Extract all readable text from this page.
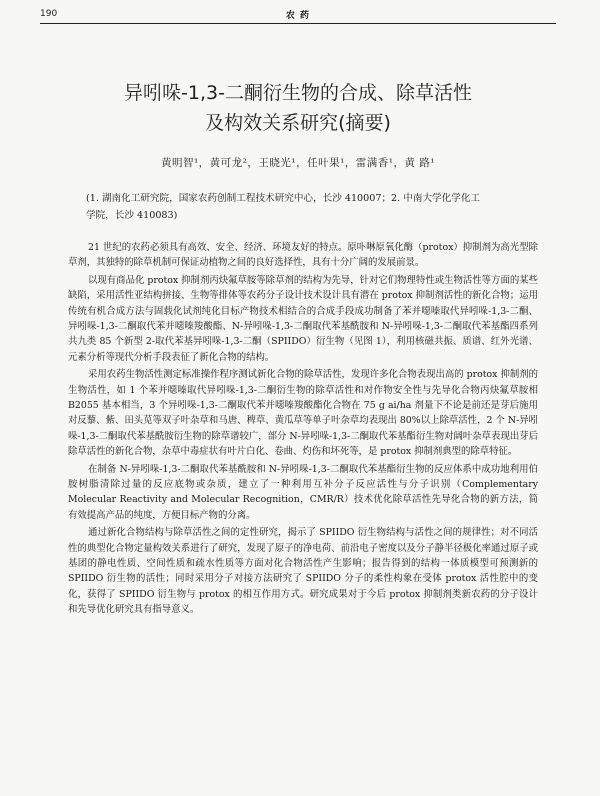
190	农 药
异吲哚-1,3-二酮衍生物的合成、除草活性
及构效关系研究(摘要)
黄明智¹，黄可龙²，王晓光¹，任叶果¹，雷满香¹，黄 路¹
(1. 湖南化工研究院，国家农药创制工程技术研究中心，长沙 410007；2. 中南大学化学化工
学院，长沙 410083)

21 世纪的农药必须具有高效、安全、经济、环境友好的特点。原卟啉原氧化酶（protox）抑制剂为高光型除草剂，其独特的除草机制可保证动植物之间的良好选择性，具有十分广阔的发展前景。

以现有商品化 protox 抑制剂丙炔氟草胺等除草剂的结构为先导，针对它们物理特性或生物活性等方面的某些缺陷，采用活性亚结构拼接、生物等排体等农药分子设计技术设计具有潜在 protox 抑制剂活性的新化合物；运用传统有机合成方法与固载化试剂纯化目标产物技术相结合的合成手段成功制备了苯并噁嗪取代异吲哚-1,3-二酮、异吲哚-1,3-二酮取代苯并噁嗪羧酸酯、N-异吲哚-1,3-二酮取代苯基酰胺和 N-异吲哚-1,3-二酮取代苯基酯四系列共九类 85 个新型 2-取代苯基异吲哚-1,3-二酮（SPIIDO）衍生物（见图 1），利用核磁共振、质谱、红外光谱、元素分析等现代分析手段表征了新化合物的结构。

采用农药生物活性测定标准操作程序测试新化合物的除草活性，发现许多化合物表现出高的 protox 抑制剂的生物活性，如 1 个苯并噁嗪取代异吲哚-1,3-二酮衍生物的除草活性和对作物安全性与先导化合物丙炔氟草胺相 B2055 基本相当，3 个异吲哚-1,3-二酮取代苯并噁嗪羧酸酯化合物在 75 g ai/ha 剂量下不论是前还是芽后施用对反藜、紫、田头苋等双子叶杂草和马唐、稗草、黄瓜草等单子叶杂草均表现出 80%以上除草活性，2 个 N-异吲哚-1,3-二酮取代苯基酰胺衍生物的除草谱较广，部分 N-异吲哚-1,3-二酮取代苯基酯衍生物对阔叶杂草表现出芽后除草活性的新化合物，杂草中毒症状有叶片白化、卷曲、灼伤和坏死等，是 protox 抑制剂典型的除草特征。

在制备 N-异吲哚-1,3-二酮取代苯基酰胺和 N-异吲哚-1,3-二酮取代苯基酯衍生物的反应体系中成功地利用伯胺树脂清除过量的反应底物或杂质，建立了一种利用互补分子反应活性与分子识别（Complementary Molecular Reactivity and Molecular Recognition，CMR/R）技术优化除草活性先导化合物的新方法，简有效提高产品的纯度，方便目标产物的分离。

通过新化合物结构与除草活性之间的定性研究，揭示了 SPIIDO 衍生物结构与活性之间的规律性；对不同活性的典型化合物定量构效关系进行了研究，发现了原子的净电荷、前沿电子密度以及分子静半径极化率通过原子或基团的静电性质、空间性质和疏水性质等方面对化合物活性产生影响；报告得到的结构一体质模型可预测新的 SPIIDO 衍生物的活性；同时采用分子对接方法研究了 SPIIDO 分子的柔性构象在受体 protox 活性腔中的变化，获得了 SPIIDO 衍生物与 protox 的相互作用方式。研究成果对于今后 protox 抑制剂类新农药的分子设计和先导优化研究具有指导意义。
